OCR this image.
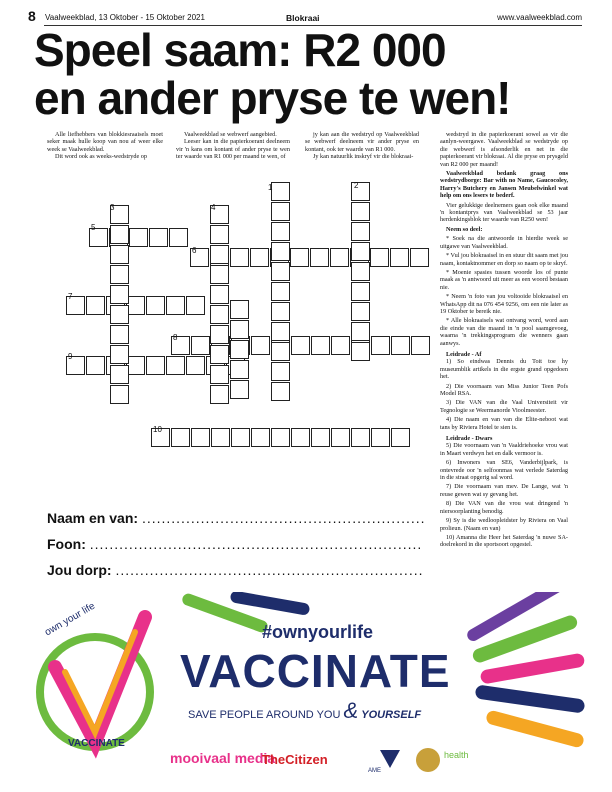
8 Vaalweekblad, 13 Oktober - 15 Oktober 2021	Blokraai	www.vaalweekblad.com
Speel saam: R2 000
en ander pryse te wen!

Alle liefhebbers van blokkiesraaisels moet seker maak hulle koop van nou af weer elke week se Vaalweekblad.

Dit word ook as weeks-wedstryde op

Vaalweekblad se webwerf aangebied.

Leeser kan in die papierkoerant deelneem vir 'n kans om kontant of ander pryse te wen ter waarde van R1 000 per maand te wen, of

jy kan aan die wedstryd op Vaalweekblad se webwerf deelneem vir ander pryse en kontant, ook ter waarde van R1 000.

Jy kan natuurlik inskryf vir die blokraai-

wedstryd in die papierkoerant sowel as vir die aanlyn-weergawe. Vaalweekblad se wedstryde op die webwerf is afsonderlik en net in die papierkoerant vir blokraai. Al die pryse en prysgeld van R2 000 per maand!
Vaalweekblad bedank graag ons wedstrydborge: Bar with no Name, Gaucocoley, Harry's Butchery en Jansen Meubelwinkel wat help om ons lesers te bederf.
Vier gelukkige deelnemers gaan ook elke maand 'n kontantprys van Vaalweekblad se 53 jaar herdenkingsblok ter waarde van R250 wen!
Neem so deel:
* Soek na die antwoorde in hierdie week se uitgawe van Vaalweekblad.
* Vul jou blokraaisel in en stuur dit saam met jou naam, kontaktnommer en dorp so naam op te skryf.
* Moenie spasies tussen woorde los of punte maak as 'n antwoord uit meer as een woord bestaan nie.
* Neem 'n foto van jou voltooide blokraaisel en WhatsApp dit na 076 454 9256, om een nie later as 19 Oktober te bereik nie.
* Alle blokraaisels wat ontvang word, word aan die einde van die maand in 'n pool saamgevoeg, waarna 'n trekkingsprogram die wenners gaan aanwys.
Leidrade - Af
1) So eindwas Dennis du Toit toe hy museumblik artikels in die ergste grand opgedoen het.
2) Die voornaam van Miss Junior Teen Pofs Model RSA.
3) Die VAN van die Vaal Universiteit vir Tegnologie se Weermanorde Vioolmeester.
4) Die naam en van van die Elite-neboot wat tans by Riviera Hotel te sien is.
Leidrade - Dwars
5) Die voornaam van 'n Vaaldriehoeke vrou wat in Maart verdwyn het en dalk vermoor is.
6) Inwoners van SE6, Vanderbijlpark, is ontevrede oor 'n selfoonmas wat verlede Saterdag in die straat opgerig sal word.
7) Die voornaam van mev. De Lange, wat 'n reuse gewen wat sy gevang het.
8) Die VAN van die vrou wat dringend 'n niersoorplanting benodig.
9) Sy is die wedloopleidster by Riviera on Vaal prolieun. (Naam en van)
10) Amanna die Heer het Saterdag 'n nuwe SA-doelrekord in die sportsoort opgestel.
1	2
3	4
5
6
7
8
9
10
Naam en van: ..........................................................
Foon: ....................................................................
Jou dorp: ...............................................................
own your life
VACCINATE
#ownyourlife
VACCINATE
SAVE PEOPLE AROUND YOU & YOURSELF
mooivaal media
TheCitizen
AME
health
